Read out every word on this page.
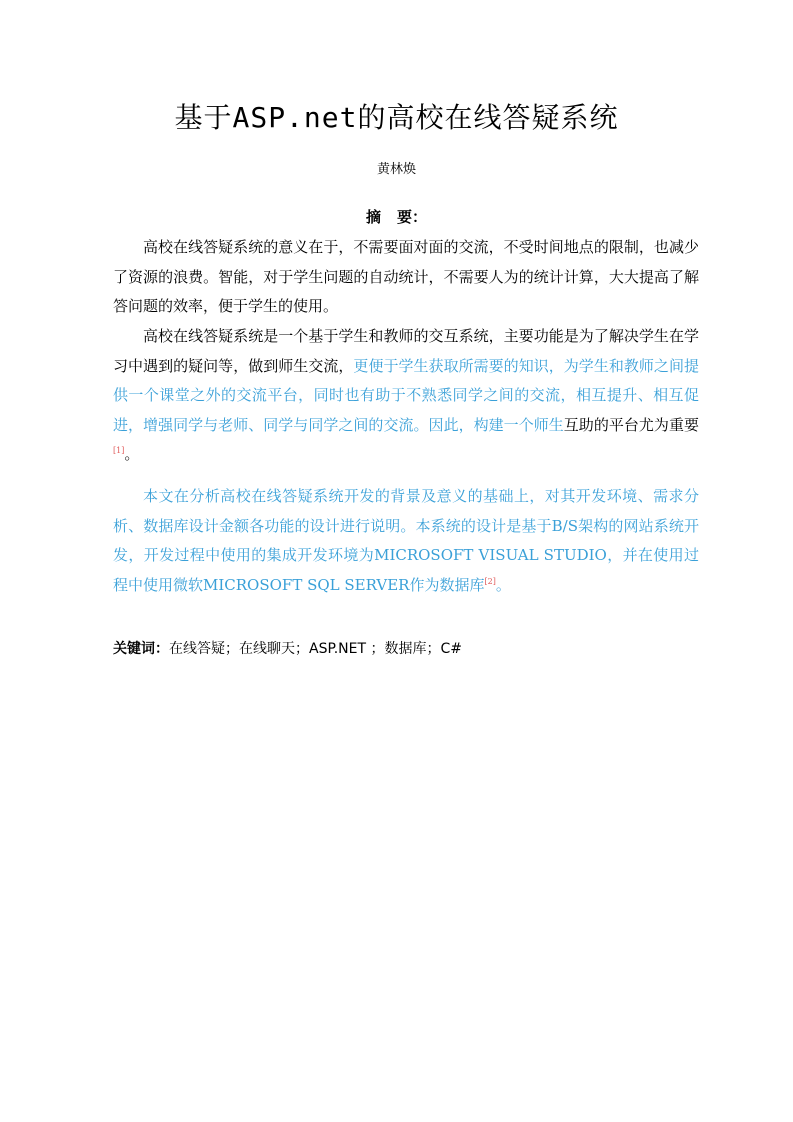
基于ASP.net的高校在线答疑系统
黄林焕
摘 要：

高校在线答疑系统的意义在于，不需要面对面的交流，不受时间地点的限制，也减少了资源的浪费。智能，对于学生问题的自动统计，不需要人为的统计计算，大大提高了解答问题的效率，便于学生的使用。

高校在线答疑系统是一个基于学生和教师的交互系统，主要功能是为了解决学生在学习中遇到的疑问等，做到师生交流，更便于学生获取所需要的知识，为学生和教师之间提供一个课堂之外的交流平台，同时也有助于不熟悉同学之间的交流，相互提升、相互促进，增强同学与老师、同学与同学之间的交流。因此，构建一个师生互助的平台尤为重要[1]。

本文在分析高校在线答疑系统开发的背景及意义的基础上，对其开发环境、需求分析、数据库设计金额各功能的设计进行说明。本系统的设计是基于B/S架构的网站系统开发，开发过程中使用的集成开发环境为MICROSOFT VISUAL STUDIO，并在使用过程中使用微软MICROSOFT SQL SERVER作为数据库[2]。

关键词：在线答疑；在线聊天；ASP.NET ；数据库；C#
